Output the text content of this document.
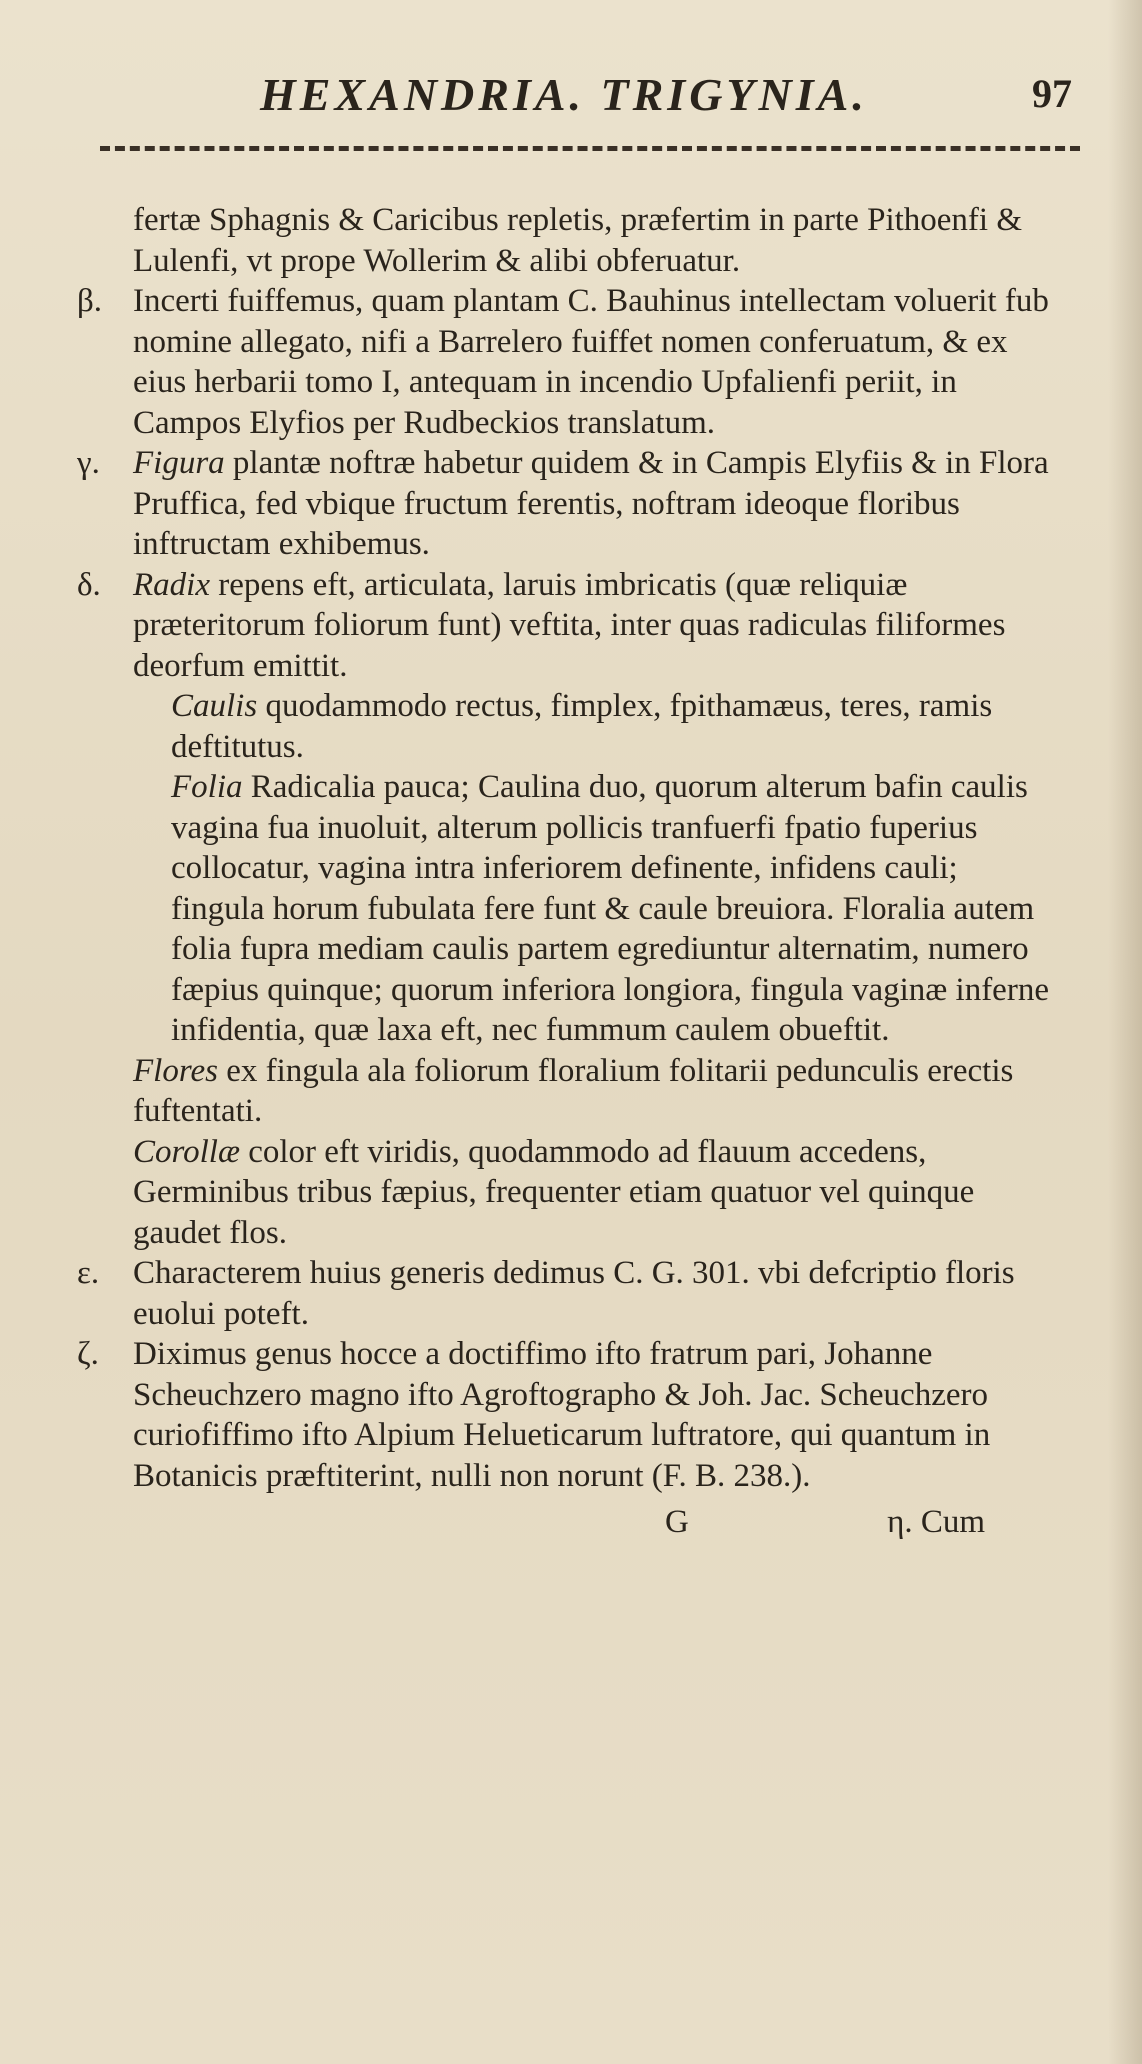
HEXANDRIA. TRIGYNIA.	97

fertæ Sphagnis & Caricibus repletis, præfertim in parte Pithoenfi & Lulenfi, vt prope Wollerim & alibi obferuatur.

β. Incerti fuiffemus, quam plantam C. Bauhinus intellectam voluerit fub nomine allegato, nifi a Barrelero fuiffet nomen conferuatum, & ex eius herbarii tomo I, antequam in incendio Upfalienfi periit, in Campos Elyfios per Rudbeckios translatum.

γ. Figura plantæ noftræ habetur quidem & in Campis Elyfiis & in Flora Pruffica, fed vbique fructum ferentis, noftram ideoque floribus inftructam exhibemus.

δ. Radix repens eft, articulata, laruis imbricatis (quæ reliquiæ præteritorum foliorum funt) veftita, inter quas radiculas filiformes deorfum emittit.

Caulis quodammodo rectus, fimplex, fpithamæus, teres, ramis deftitutus.

Folia Radicalia pauca; Caulina duo, quorum alterum bafin caulis vagina fua inuoluit, alterum pollicis tranfuerfi fpatio fuperius collocatur, vagina intra inferiorem definente, infidens cauli; fingula horum fubulata fere funt & caule breuiora. Floralia autem folia fupra mediam caulis partem egrediuntur alternatim, numero fæpius quinque; quorum inferiora longiora, fingula vaginæ inferne infidentia, quæ laxa eft, nec fummum caulem obueftit.

Flores ex fingula ala foliorum floralium folitarii pedunculis erectis fuftentati.

Corollæ color eft viridis, quodammodo ad flauum accedens, Germinibus tribus fæpius, frequenter etiam quatuor vel quinque gaudet flos.

ε. Characterem huius generis dedimus C. G. 301. vbi defcriptio floris euolui poteft.

ζ. Diximus genus hocce a doctiffimo ifto fratrum pari, Johanne Scheuchzero magno ifto Agroftographo & Joh. Jac. Scheuchzero curiofiffimo ifto Alpium Helueticarum luftratore, qui quantum in Botanicis præftiterint, nulli non norunt (F. B. 238.).

G	η. Cum
